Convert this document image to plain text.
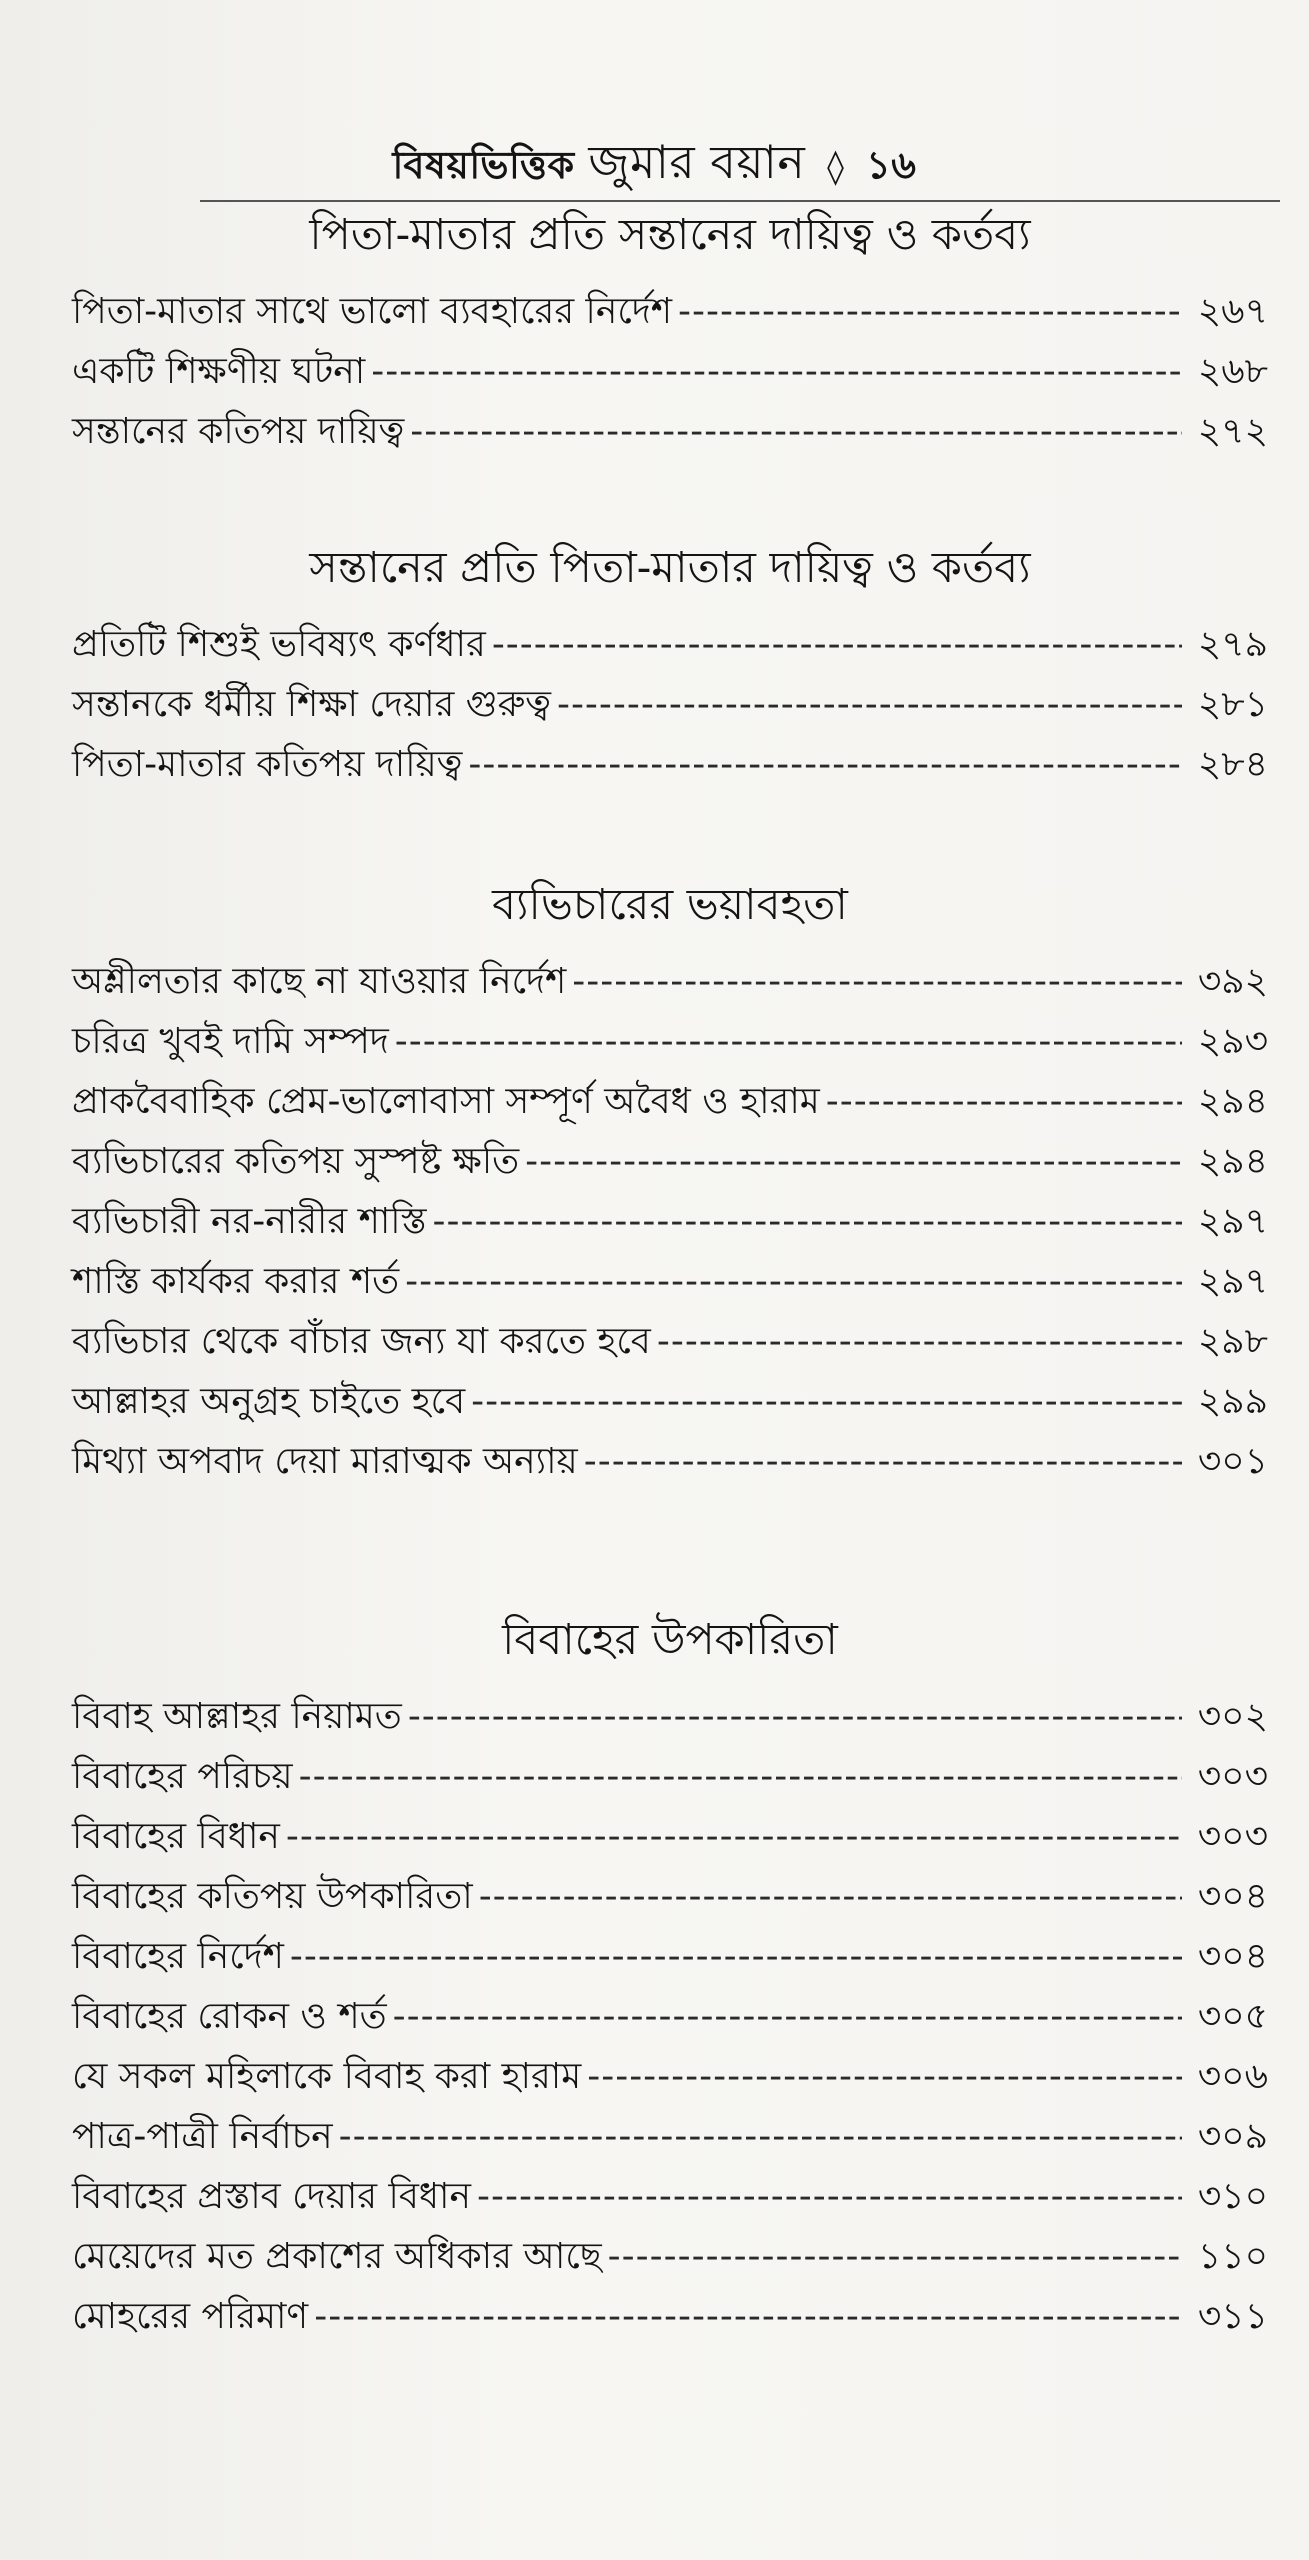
বিষয়ভিত্তিক জুমার বয়ান ◊ ১৬
পিতা-মাতার প্রতি সন্তানের দায়িত্ব ও কর্তব্য
পিতা-মাতার সাথে ভালো ব্যবহারের নির্দেশ -----	২৬৭
একটি শিক্ষণীয় ঘটনা -----	২৬৮
সন্তানের কতিপয় দায়িত্ব -----	২৭২
সন্তানের প্রতি পিতা-মাতার দায়িত্ব ও কর্তব্য
প্রতিটি শিশুই ভবিষ্যৎ কর্ণধার -----	২৭৯
সন্তানকে ধর্মীয় শিক্ষা দেয়ার গুরুত্ব -----	২৮১
পিতা-মাতার কতিপয় দায়িত্ব -----	২৮৪
ব্যভিচারের ভয়াবহতা
অশ্লীলতার কাছে না যাওয়ার নির্দেশ -----	৩৯২
চরিত্র খুবই দামি সম্পদ -----	২৯৩
প্রাকবৈবাহিক প্রেম-ভালোবাসা সম্পূর্ণ অবৈধ ও হারাম -----	২৯৪
ব্যভিচারের কতিপয় সুস্পষ্ট ক্ষতি -----	২৯৪
ব্যভিচারী নর-নারীর শাস্তি -----	২৯৭
শাস্তি কার্যকর করার শর্ত -----	২৯৭
ব্যভিচার থেকে বাঁচার জন্য যা করতে হবে -----	২৯৮
আল্লাহর অনুগ্রহ চাইতে হবে -----	২৯৯
মিথ্যা অপবাদ দেয়া মারাত্মক অন্যায় -----	৩০১
বিবাহের উপকারিতা
বিবাহ আল্লাহর নিয়ামত -----	৩০২
বিবাহের পরিচয় -----	৩০৩
বিবাহের বিধান -----	৩০৩
বিবাহের কতিপয় উপকারিতা -----	৩০৪
বিবাহের নির্দেশ -----	৩০৪
বিবাহের রোকন ও শর্ত -----	৩০৫
যে সকল মহিলাকে বিবাহ করা হারাম -----	৩০৬
পাত্র-পাত্রী নির্বাচন -----	৩০৯
বিবাহের প্রস্তাব দেয়ার বিধান -----	৩১০
মেয়েদের মত প্রকাশের অধিকার আছে -----	১১০
মোহরের পরিমাণ -----	৩১১
